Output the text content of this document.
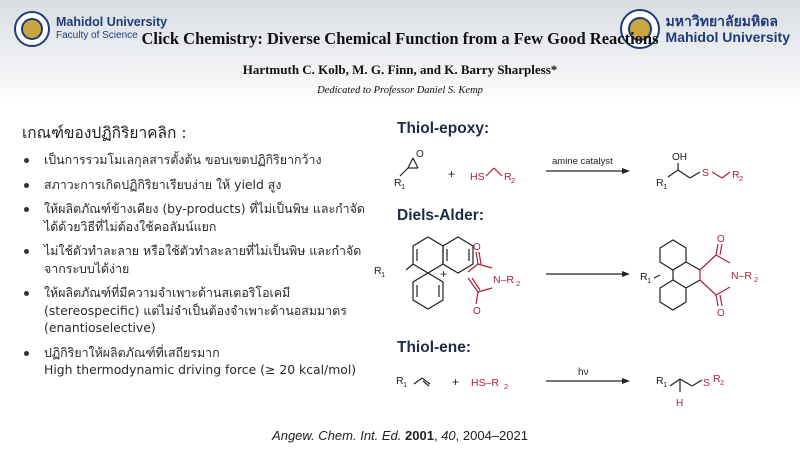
Mahidol University
Faculty of Science
มหาวิทยาลัยมหิดล
Mahidol University
Click Chemistry: Diverse Chemical Function from a Few Good Reactions
Hartmuth C. Kolb, M. G. Finn, and K. Barry Sharpless*
Dedicated to Professor Daniel S. Kemp
เกณฑ์ของปฏิกิริยาคลิก :
เป็นการรวมโมเลกุลสารตั้งต้น ขอบเขตปฏิกิริยากว้าง
สภาวะการเกิดปฏิกิริยาเรียบง่าย ให้ yield สูง
ให้ผลิตภัณฑ์ข้างเคียง (by-products) ที่ไม่เป็นพิษ และกำจัด
ได้ด้วยวิธีที่ไม่ต้องใช้คอลัมน์แยก
ไม่ใช้ตัวทำละลาย หรือใช้ตัวทำละลายที่ไม่เป็นพิษ และกำจัด
จากระบบได้ง่าย
ให้ผลิตภัณฑ์ที่มีความจำเพาะด้านสเตอริโอเคมี
(stereospecific) แต่ไม่จำเป็นต้องจำเพาะด้านอสมมาตร
(enantioselective)
ปฏิกิริยาให้ผลิตภัณฑ์ที่เสถียรมาก
High thermodynamic driving force (≥ 20 kcal/mol)
Thiol-epoxy:
Diels-Alder:
Thiol-ene:
R 1
O
+ HS R 2
amine catalyst
R 1
OH
S R 2
R 1	+
O
O
N–R 2
R 1
O
O
N–R 2
R 1	+ HS–R 2
hν
R 1
H
S R 2
Angew. Chem. Int. Ed. 2001, 40, 2004–2021
